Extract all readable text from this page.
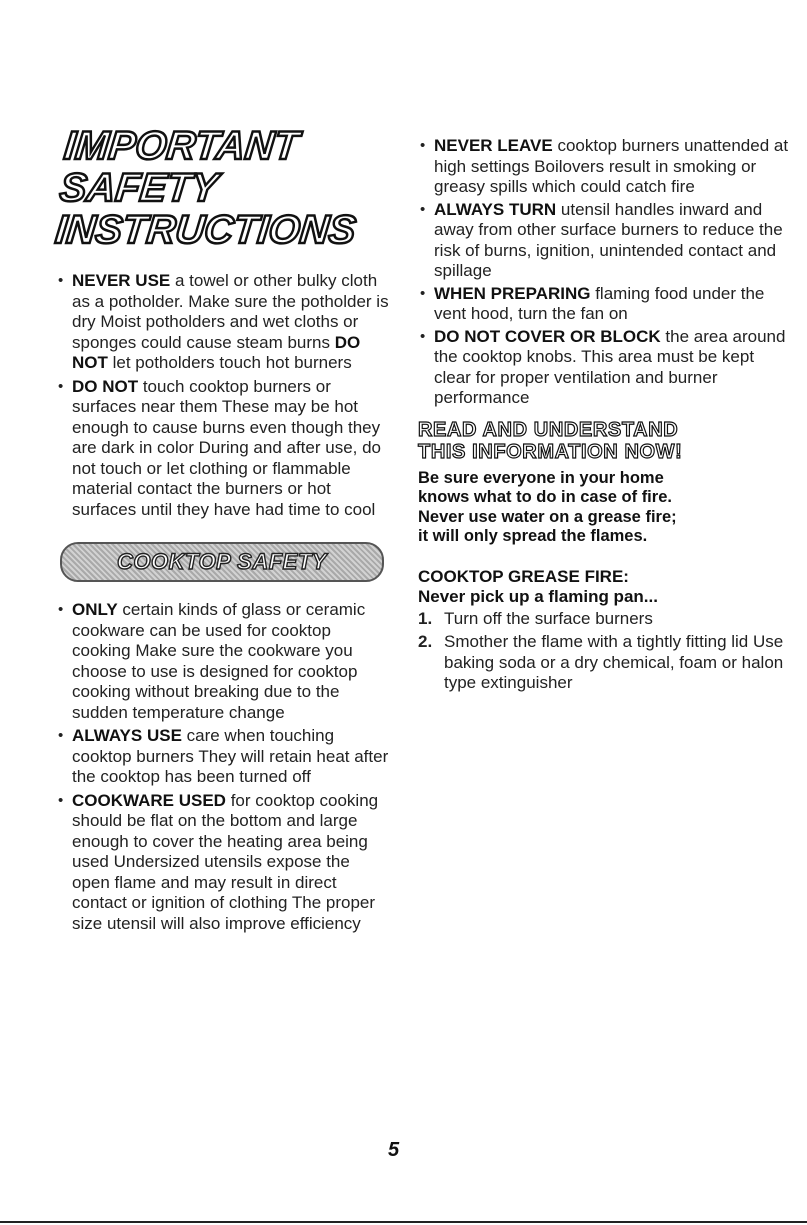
IMPORTANT SAFETY
INSTRUCTIONS
• NEVER USE a towel or other bulky cloth as a potholder. Make sure the potholder is dry Moist potholders and wet cloths or sponges could cause steam burns DO NOT let potholders touch hot burners
• DO NOT touch cooktop burners or surfaces near them These may be hot enough to cause burns even though they are dark in color During and after use, do not touch or let clothing or flammable material contact the burners or hot surfaces until they have had time to cool
COOKTOP SAFETY
• ONLY certain kinds of glass or ceramic cookware can be used for cooktop cooking Make sure the cookware you choose to use is designed for cooktop cooking without breaking due to the sudden temperature change
• ALWAYS USE care when touching cooktop burners They will retain heat after the cooktop has been turned off
• COOKWARE USED for cooktop cooking should be flat on the bottom and large enough to cover the heating area being used Undersized utensils expose the open flame and may result in direct contact or ignition of clothing The proper size utensil will also improve efficiency
• NEVER LEAVE cooktop burners unattended at high settings Boilovers result in smoking or greasy spills which could catch fire
• ALWAYS TURN utensil handles inward and away from other surface burners to reduce the risk of burns, ignition, unintended contact and spillage
• WHEN PREPARING flaming food under the vent hood, turn the fan on
• DO NOT COVER OR BLOCK the area around the cooktop knobs. This area must be kept clear for proper ventilation and burner performance
READ AND UNDERSTAND
THIS INFORMATION NOW!
Be sure everyone in your home
knows what to do in case of fire.
Never use water on a grease fire;
it will only spread the flames.
COOKTOP GREASE FIRE:
Never pick up a flaming pan...
1. Turn off the surface burners
2. Smother the flame with a tightly fitting lid Use baking soda or a dry chemical, foam or halon type extinguisher
5
